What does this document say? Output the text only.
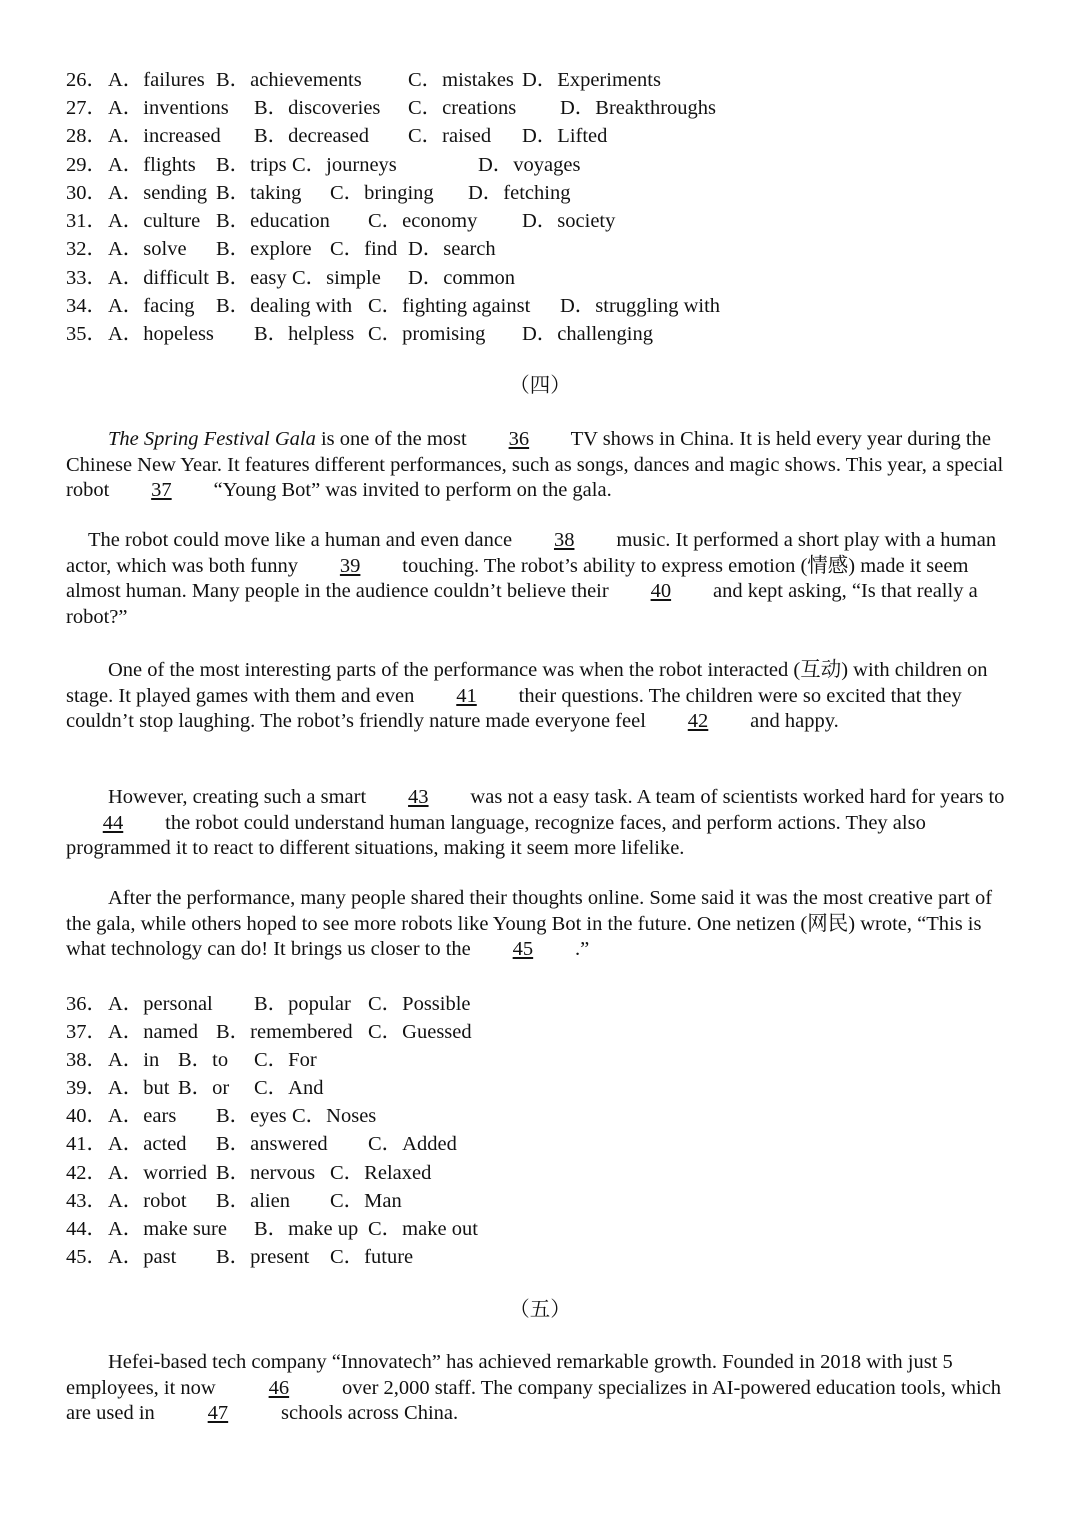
26． A．failures B．achievements C．mistakes D．Experiments
27． A．inventions B．discoveries C．creations D．Breakthroughs
28． A．increased B．decreased C．raised D．Lifted
29． A．flights B．trips C．journeys	D．voyages
30． A．sending B．taking C．bringing D．fetching
31． A．culture B．education C．economy D．society
32． A．solve B．explore C．find D．search
33． A．difficult B．easy C．simple D．common
34． A．facing B．dealing with C．fighting against D．struggling with
35． A．hopeless B．helpless C．promising D．challenging
（四）
The Spring Festival Gala is one of the most 36 TV shows in China. It is held every year during the Chinese New Year. It features different performances, such as songs, dances and magic shows. This year, a special robot 37 “Young Bot” was invited to perform on the gala.
The robot could move like a human and even dance 38 music. It performed a short play with a human actor, which was both funny 39 touching. The robot’s ability to express emotion (情感) made it seem almost human. Many people in the audience couldn’t believe their 40 and kept asking, “Is that really a robot?”
One of the most interesting parts of the performance was when the robot interacted (互动) with children on stage. It played games with them and even 41 their questions. The children were so excited that they couldn’t stop laughing. The robot’s friendly nature made everyone feel 42 and happy.
However, creating such a smart 43 was not a easy task. A team of scientists worked hard for years to 44 the robot could understand human language, recognize faces, and perform actions. They also programmed it to react to different situations, making it seem more lifelike.
After the performance, many people shared their thoughts online. Some said it was the most creative part of the gala, while others hoped to see more robots like Young Bot in the future. One netizen (网民) wrote, “This is what technology can do! It brings us closer to the 45 .”
36． A．personal B．popular C．Possible
37． A．named B．remembered C．Guessed
38． A．in B．to C．For
39． A．but B．or C．And
40． A．ears B．eyes C．Noses
41． A．acted B．answered C．Added
42． A．worried B．nervous C．Relaxed
43． A．robot B．alien C．Man
44． A．make sure B．make up C．make out
45． A．past B．present C．future
（五）
Hefei-based tech company “Innovatech” has achieved remarkable growth. Founded in 2018 with just 5 employees, it now 46 over 2,000 staff. The company specializes in AI-powered education tools, which are used in 47 schools across China.
